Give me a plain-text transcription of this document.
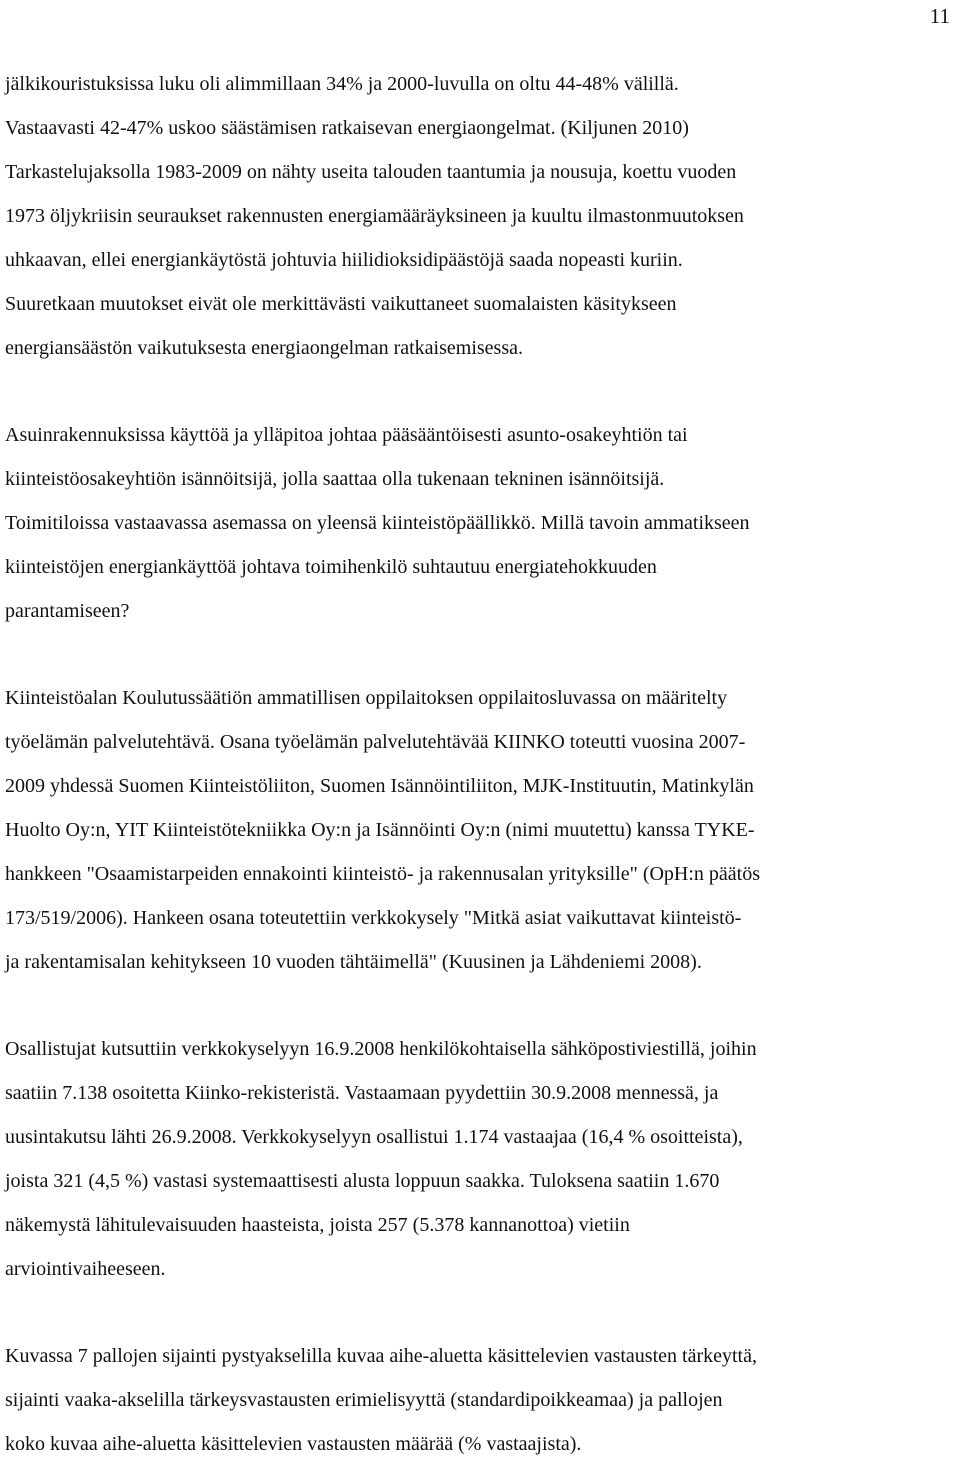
11

jälkikouristuksissa luku oli alimmillaan 34% ja 2000-luvulla on oltu 44-48% välillä.
Vastaavasti 42-47% uskoo säästämisen ratkaisevan energiaongelmat. (Kiljunen 2010)
Tarkastelujaksolla 1983-2009 on nähty useita talouden taantumia ja nousuja, koettu vuoden
1973 öljykriisin seuraukset rakennusten energiamääräyksineen ja kuultu ilmastonmuutoksen
uhkaavan, ellei energiankäytöstä johtuvia hiilidioksidipäästöjä saada nopeasti kuriin.
Suuretkaan muutokset eivät ole merkittävästi vaikuttaneet suomalaisten käsitykseen
energiansäästön vaikutuksesta energiaongelman ratkaisemisessa.

Asuinrakennuksissa käyttöä ja ylläpitoa johtaa pääsääntöisesti asunto-osakeyhtiön tai
kiinteistöosakeyhtiön isännöitsijä, jolla saattaa olla tukenaan tekninen isännöitsijä.
Toimitiloissa vastaavassa asemassa on yleensä kiinteistöpäällikkö. Millä tavoin ammatikseen
kiinteistöjen energiankäyttöä johtava toimihenkilö suhtautuu energiatehokkuuden
parantamiseen?

Kiinteistöalan Koulutussäätiön ammatillisen oppilaitoksen oppilaitosluvassa on määritelty
työelämän palvelutehtävä. Osana työelämän palvelutehtävää KIINKO toteutti vuosina 2007-
2009 yhdessä Suomen Kiinteistöliiton, Suomen Isännöintiliiton, MJK-Instituutin, Matinkylän
Huolto Oy:n, YIT Kiinteistötekniikka Oy:n ja Isännöinti Oy:n (nimi muutettu) kanssa TYKE-
hankkeen "Osaamistarpeiden ennakointi kiinteistö- ja rakennusalan yrityksille" (OpH:n päätös
173/519/2006). Hankeen osana toteutettiin verkkokysely "Mitkä asiat vaikuttavat kiinteistö-
ja rakentamisalan kehitykseen 10 vuoden tähtäimellä" (Kuusinen ja Lähdeniemi 2008).

Osallistujat kutsuttiin verkkokyselyyn 16.9.2008 henkilökohtaisella sähköpostiviestillä, joihin
saatiin 7.138 osoitetta Kiinko-rekisteristä. Vastaamaan pyydettiin 30.9.2008 mennessä, ja
uusintakutsu lähti 26.9.2008. Verkkokyselyyn osallistui 1.174 vastaajaa (16,4 % osoitteista),
joista 321 (4,5 %) vastasi systemaattisesti alusta loppuun saakka. Tuloksena saatiin 1.670
näkemystä lähitulevaisuuden haasteista, joista 257 (5.378 kannanottoa) vietiin
arviointivaiheeseen.

Kuvassa 7 pallojen sijainti pystyakselilla kuvaa aihe-aluetta käsittelevien vastausten tärkeyttä,
sijainti vaaka-akselilla tärkeysvastausten erimielisyyttä (standardipoikkeamaa) ja pallojen
koko kuvaa aihe-aluetta käsittelevien vastausten määrää (% vastaajista).
